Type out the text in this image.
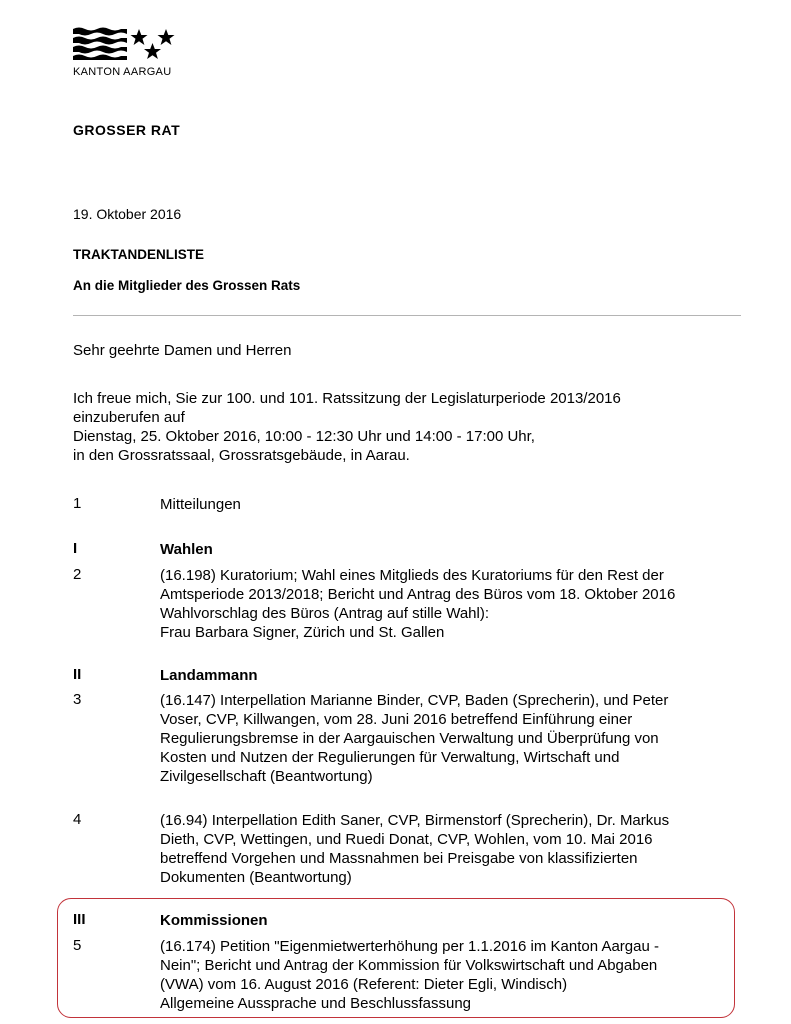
KANTON AARGAU
GROSSER RAT
19. Oktober 2016
TRAKTANDENLISTE
An die Mitglieder des Grossen Rats
Sehr geehrte Damen und Herren
Ich freue mich, Sie zur 100. und 101. Ratssitzung der Legislaturperiode 2013/2016
einzuberufen auf
Dienstag, 25. Oktober 2016, 10:00 - 12:30 Uhr und 14:00 - 17:00 Uhr,
in den Grossratssaal, Grossratsgebäude, in Aarau.
1	Mitteilungen
I	Wahlen
2	(16.198) Kuratorium; Wahl eines Mitglieds des Kuratoriums für den Rest der
Amtsperiode 2013/2018; Bericht und Antrag des Büros vom 18. Oktober 2016
Wahlvorschlag des Büros (Antrag auf stille Wahl):
Frau Barbara Signer, Zürich und St. Gallen
II	Landammann
3	(16.147) Interpellation Marianne Binder, CVP, Baden (Sprecherin), und Peter
Voser, CVP, Killwangen, vom 28. Juni 2016 betreffend Einführung einer
Regulierungsbremse in der Aargauischen Verwaltung und Überprüfung von
Kosten und Nutzen der Regulierungen für Verwaltung, Wirtschaft und
Zivilgesellschaft (Beantwortung)
4	(16.94) Interpellation Edith Saner, CVP, Birmenstorf (Sprecherin), Dr. Markus
Dieth, CVP, Wettingen, und Ruedi Donat, CVP, Wohlen, vom 10. Mai 2016
betreffend Vorgehen und Massnahmen bei Preisgabe von klassifizierten
Dokumenten (Beantwortung)
III	Kommissionen
5	(16.174) Petition "Eigenmietwerterhöhung per 1.1.2016 im Kanton Aargau -
Nein"; Bericht und Antrag der Kommission für Volkswirtschaft und Abgaben
(VWA) vom 16. August 2016 (Referent: Dieter Egli, Windisch)
Allgemeine Aussprache und Beschlussfassung
